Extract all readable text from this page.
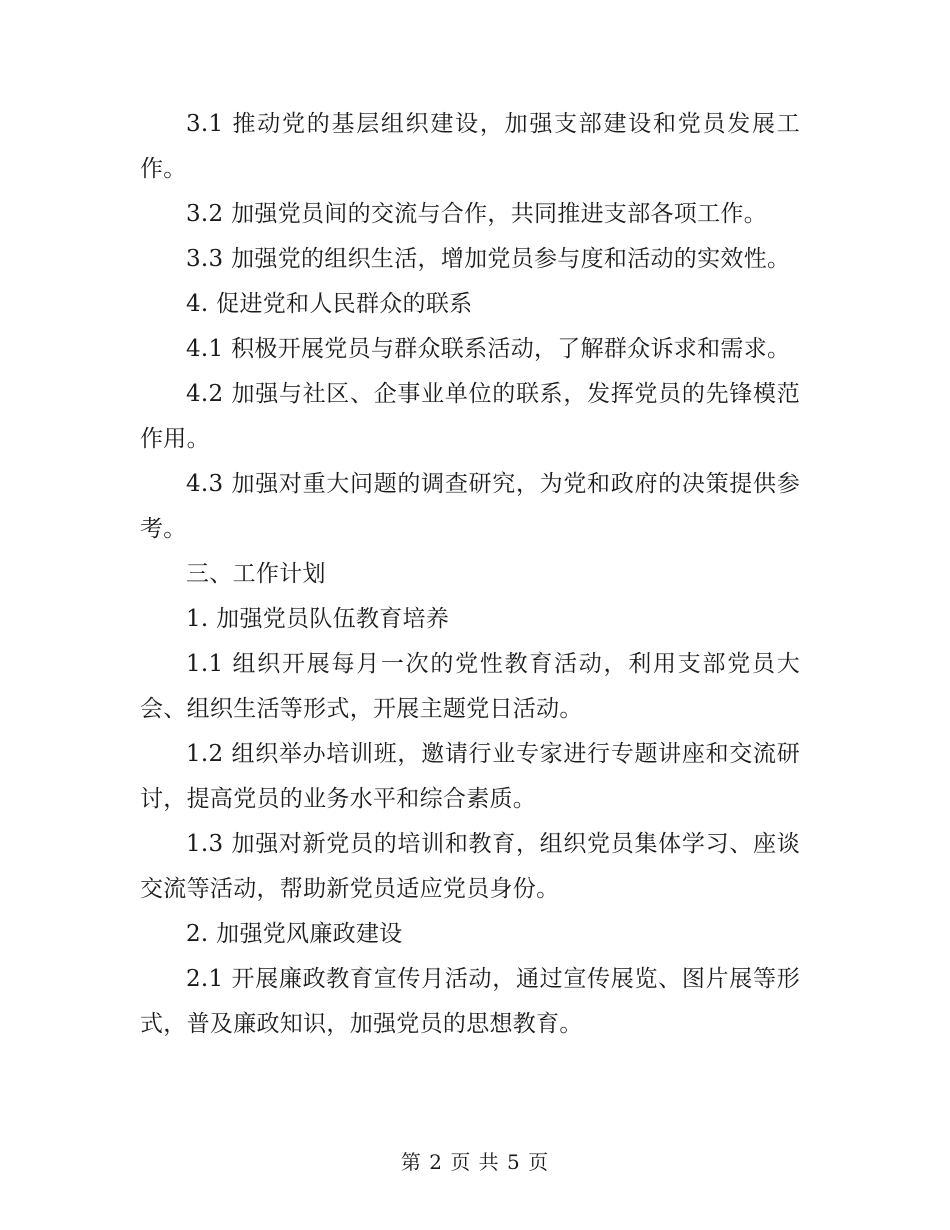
3.1 推动党的基层组织建设，加强支部建设和党员发展工作。

3.2 加强党员间的交流与合作，共同推进支部各项工作。

3.3 加强党的组织生活，增加党员参与度和活动的实效性。

4. 促进党和人民群众的联系

4.1 积极开展党员与群众联系活动，了解群众诉求和需求。

4.2 加强与社区、企事业单位的联系，发挥党员的先锋模范作用。

4.3 加强对重大问题的调查研究，为党和政府的决策提供参考。

三、工作计划

1. 加强党员队伍教育培养

1.1 组织开展每月一次的党性教育活动，利用支部党员大会、组织生活等形式，开展主题党日活动。

1.2 组织举办培训班，邀请行业专家进行专题讲座和交流研讨，提高党员的业务水平和综合素质。

1.3 加强对新党员的培训和教育，组织党员集体学习、座谈交流等活动，帮助新党员适应党员身份。

2. 加强党风廉政建设

2.1 开展廉政教育宣传月活动，通过宣传展览、图片展等形式，普及廉政知识，加强党员的思想教育。

第 2 页 共 5 页
